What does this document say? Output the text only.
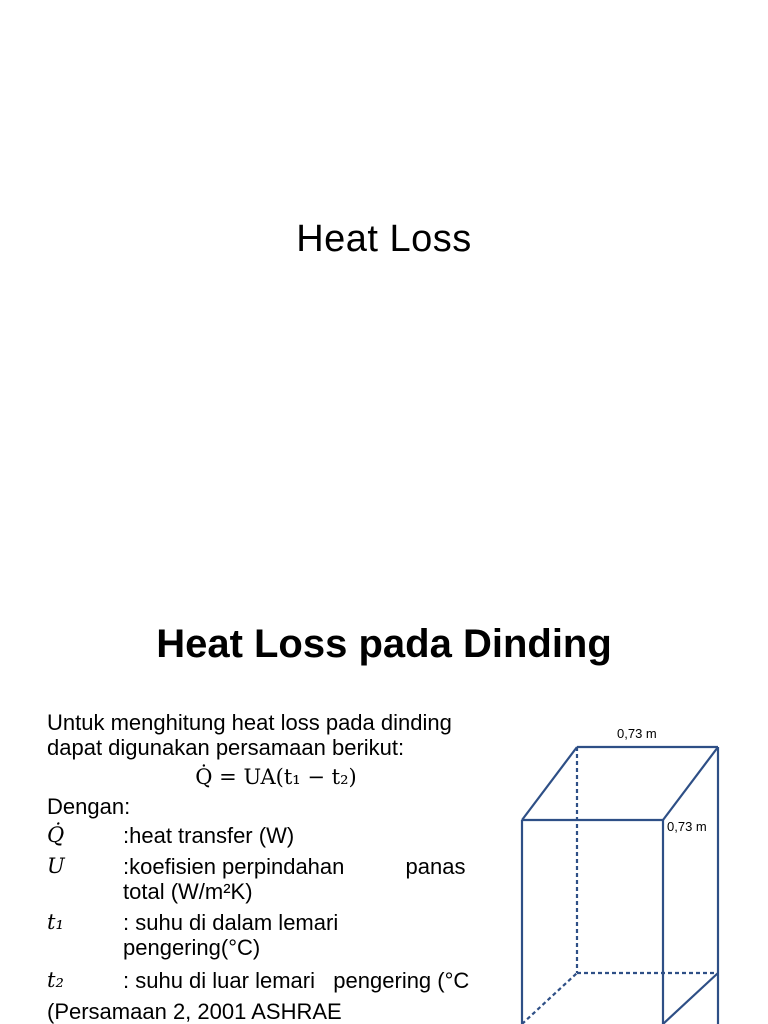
Heat Loss
Heat Loss pada Dinding
Untuk menghitung heat loss pada dinding
dapat digunakan persamaan berikut:
Q̇ = UA(t₁ − t₂)
Dengan:
Q̇	:heat transfer (W)
U	:koefisien perpindahan          panas
total (W/m²K)
t₁	: suhu di dalam lemari
pengering(°C)
t₂	: suhu di luar lemari   pengering (°C
(Persamaan 2, 2001 ASHRAE
0,73 m
0,73 m
